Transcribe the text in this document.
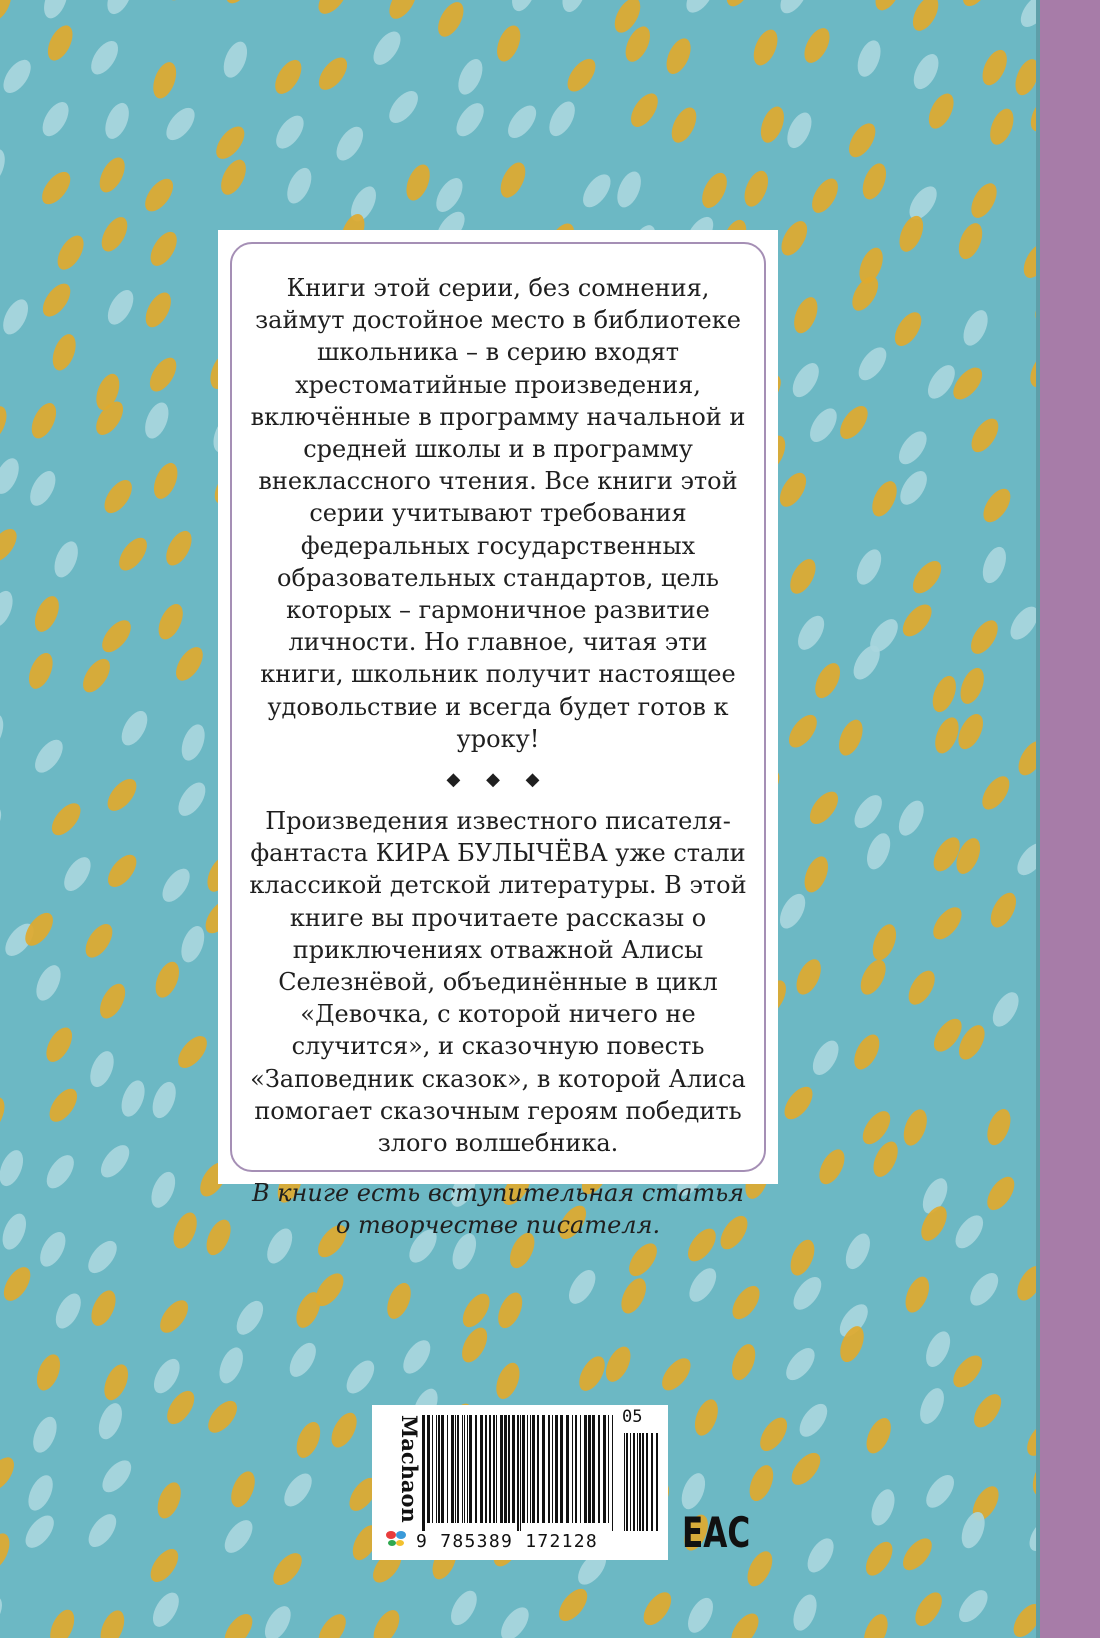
Книги этой серии, без сомнения, займут достойное место в библиотеке школьника – в серию входят хрестоматийные произведения, включённые в программу начальной и средней школы и в программу внеклассного чтения. Все книги этой серии учитывают требования федеральных государственных образовательных стандартов, цель которых – гармоничное развитие личности. Но главное, читая эти книги, школьник получит настоящее удовольствие и всегда будет готов к уроку!

◆ ◆ ◆

Произведения известного писателя-фантаста КИРА БУЛЫЧЁВА уже стали классикой детской литературы. В этой книге вы прочитаете рассказы о приключениях отважной Алисы Селезнёвой, объединённые в цикл «Девочка, с которой ничего не случится», и сказочную повесть «Заповедник сказок», в которой Алиса помогает сказочным героям победить злого волшебника.

В книге есть вступительная статья о творчестве писателя.

Machaon	05
9 785389 172128 EAC
